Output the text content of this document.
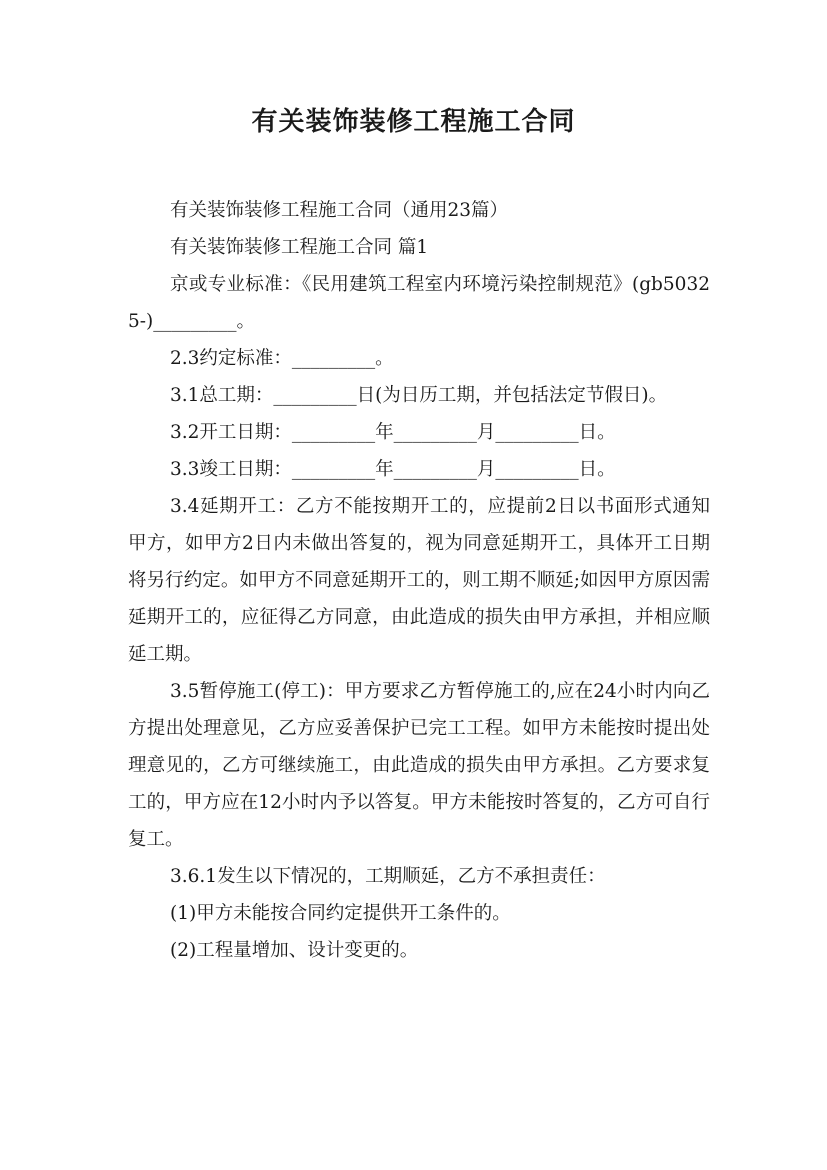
有关装饰装修工程施工合同

有关装饰装修工程施工合同（通用23篇）

有关装饰装修工程施工合同 篇1

京或专业标准：《民用建筑工程室内环境污染控制规范》(gb50325-)_________。

2.3约定标准：_________。

3.1总工期：_________日(为日历工期，并包括法定节假日)。

3.2开工日期：_________年_________月_________日。

3.3竣工日期：_________年_________月_________日。

3.4延期开工：乙方不能按期开工的，应提前2日以书面形式通知甲方，如甲方2日内未做出答复的，视为同意延期开工，具体开工日期将另行约定。如甲方不同意延期开工的，则工期不顺延;如因甲方原因需延期开工的，应征得乙方同意，由此造成的损失由甲方承担，并相应顺延工期。

3.5暂停施工(停工)：甲方要求乙方暂停施工的,应在24小时内向乙方提出处理意见，乙方应妥善保护已完工工程。如甲方未能按时提出处理意见的，乙方可继续施工，由此造成的损失由甲方承担。乙方要求复工的，甲方应在12小时内予以答复。甲方未能按时答复的，乙方可自行复工。

3.6.1发生以下情况的，工期顺延，乙方不承担责任：

(1)甲方未能按合同约定提供开工条件的。

(2)工程量增加、设计变更的。
